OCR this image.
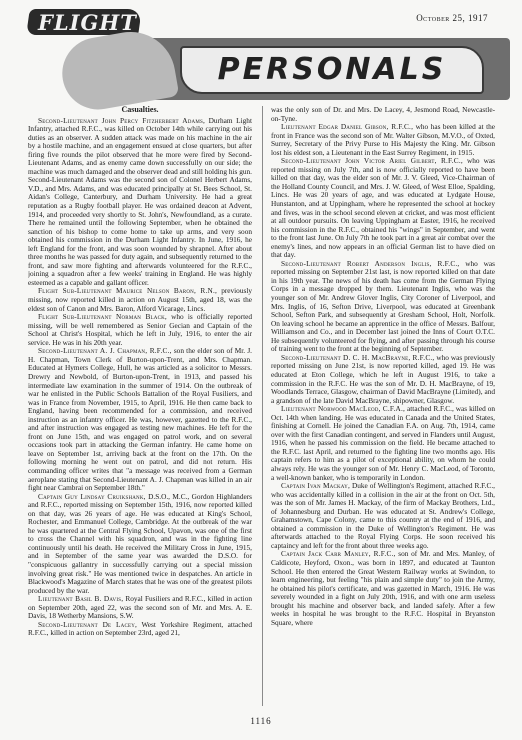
FLIGHT	October 25, 1917
PERSONALS

Casualties.

Second-Lieutenant John Percy Fitzherbert Adams, Durham Light Infantry, attached R.F.C., was killed on October 14th while carrying out his duties as an observer. A sudden attack was made on his machine in the air by a hostile machine, and an engagement ensued at close quarters, but after firing five rounds the pilot observed that he more were fired by Second-Lieutenant Adams, and as enemy came down successfully on our side; the machine was much damaged and the observer dead and still holding his gun. Second-Lieutenant Adams was the second son of Colonel Herbert Adams, V.D., and Mrs. Adams, and was educated principally at St. Bees School, St. Aidan's College, Canterbury, and Durham University. He had a great reputation as a Rugby football player. He was ordained deacon at Advent, 1914, and proceeded very shortly to St. John's, Newfoundland, as a curate. There he remained until the following September, when he obtained the sanction of his bishop to come home to take up arms, and very soon obtained his commission in the Durham Light Infantry. In June, 1916, he left England for the front, and was soon wounded by shrapnel. After about three months he was passed for duty again, and subsequently returned to the front, and saw more fighting and afterwards volunteered for the R.F.C., joining a squadron after a few weeks' training in England. He was highly esteemed as a capable and gallant officer.

Flight Sub-Lieutenant Maurice Nelson Baron, R.N., previously missing, now reported killed in action on August 15th, aged 18, was the eldest son of Canon and Mrs. Baron, Alford Vicarage, Lincs.

Flight Sub-Lieutenant Norman Black, who is officially reported missing, will be well remembered as Senior Gecian and Captain of the School at Christ's Hospital, which he left in July, 1916, to enter the air service. He was in his 20th year.

Second-Lieutenant A. J. Chapman, R.F.C., son the elder son of Mr. J. H. Chapman, Town Clerk of Burton-upon-Trent, and Mrs. Chapman. Educated at Hymers College, Hull, he was articled as a solicitor to Messrs. Drewry and Newbold, of Burton-upon-Trent, in 1913, and passed his intermediate law examination in the summer of 1914. On the outbreak of war he enlisted in the Public Schools Battalion of the Royal Fusiliers, and was in France from November, 1915, to April, 1916. He then came back to England, having been recommended for a commission, and received instruction as an infantry officer. He was, however, gazetted to the R.F.C., and after instruction was engaged as testing new machines. He left for the front on June 15th, and was engaged on patrol work, and on several occasions took part in attacking the German infantry. He came home on leave on September 1st, arriving back at the front on the 17th. On the following morning he went out on patrol, and did not return. His commanding officer writes that "a message was received from a German aeroplane stating that Second-Lieutenant A. J. Chapman was killed in an air fight near Cambrai on September 18th."

Captain Guy Lindsay Cruikshank, D.S.O., M.C., Gordon Highlanders and R.F.C., reported missing on September 15th, 1916, now reported killed on that day, was 26 years of age. He was educated at King's School, Rochester, and Emmanuel College, Cambridge. At the outbreak of the war he was quartered at the Central Flying School, Upavon, was one of the first to cross the Channel with his squadron, and was in the fighting line continuously until his death. He received the Military Cross in June, 1915, and in September of the same year was awarded the D.S.O. for "conspicuous gallantry in successfully carrying out a special mission involving great risk." He was mentioned twice in despatches. An article in Blackwood's Magazine of March states that he was one of the greatest pilots produced by the war.

Lieutenant Basil B. Davis, Royal Fusiliers and R.F.C., killed in action on September 20th, aged 22, was the second son of Mr. and Mrs. A. E. Davis, 18 Wetherby Mansions, S.W.

Second-Lieutenant De Lacey, West Yorkshire Regiment, attached R.F.C., killed in action on September 23rd, aged 21,

was the only son of Dr. and Mrs. De Lacey, 4, Jesmond Road, Newcastle-on-Tyne.

Lieutenant Edgar Daniel Gibson, R.F.C., who has been killed at the front in France was the second son of Mr. Walter Gibson, M.V.O., of Oxted, Surrey, Secretary of the Privy Purse to His Majesty the King. Mr. Gibson lost his eldest son, a Lieutenant in the East Surrey Regiment, in 1915.

Second-Lieutenant John Victor Ariel Gilbert, R.F.C., who was reported missing on July 7th, and is now officially reported to have been killed on that day, was the elder son of Mr. J. V. Gleed, Vice-Chairman of the Holland County Council, and Mrs. J. W. Gleed, of West Elloe, Spalding, Lincs. He was 20 years of age, and was educated at Lydgate House, Hunstanton, and at Uppingham, where he represented the school at hockey and fives, was in the school second eleven at cricket, and was most efficient at all outdoor pursuits. On leaving Uppingham at Easter, 1916, he received his commission in the R.F.C., obtained his "wings" in September, and went to the front last June. On July 7th he took part in a great air combat over the enemy's lines, and now appears in an official German list to have died on that day.

Second-Lieutenant Robert Anderson Inglis, R.F.C., who was reported missing on September 21st last, is now reported killed on that date in his 19th year. The news of his death has come from the German Flying Corps in a message dropped by them. Lieutenant Inglis, who was the younger son of Mr. Andrew Glover Inglis, City Coroner of Liverpool, and Mrs. Inglis, of 16, Sefton Drive, Liverpool, was educated at Greenbank School, Sefton Park, and subsequently at Gresham School, Holt, Norfolk. On leaving school he became an apprentice in the office of Messrs. Balfour, Williamson and Co., and in December last joined the Inns of Court O.T.C. He subsequently volunteered for flying, and after passing through his course of training went to the front at the beginning of September.

Second-Lieutenant D. C. H. MacBrayne, R.F.C., who was previously reported missing on June 21st, is now reported killed, aged 19. He was educated at Eton College, which he left in August 1916, to take a commission in the R.F.C. He was the son of Mr. D. H. MacBrayne, of 19, Woodlands Terrace, Glasgow, chairman of David MacBrayne (Limited), and a grandson of the late David MacBrayne, shipowner, Glasgow.

Lieutenant Norwood MacLeod, C.F.A., attached R.F.C., was killed on Oct. 14th when landing. He was educated in Canada and the United States, finishing at Cornell. He joined the Canadian F.A. on Aug. 7th, 1914, came over with the first Canadian contingent, and served in Flanders until August, 1916, when he passed his commission on the field. He became attached to the R.F.C. last April, and returned to the fighting line two months ago. His captain refers to him as a pilot of exceptional ability, on whom he could always rely. He was the younger son of Mr. Henry C. MacLeod, of Toronto, a well-known banker, who is temporarily in London.

Captain Ivan Mackay, Duke of Wellington's Regiment, attached R.F.C., who was accidentally killed in a collision in the air at the front on Oct. 5th, was the son of Mr. James H. Mackay, of the firm of Mackay Brothers, Ltd., of Johannesburg and Durban. He was educated at St. Andrew's College, Grahamstown, Cape Colony, came to this country at the end of 1916, and obtained a commission in the Duke of Wellington's Regiment. He was afterwards attached to the Royal Flying Corps. He soon received his captaincy and left for the front about three weeks ago.

Captain Jack Carr Manley, R.F.C., son of Mr. and Mrs. Manley, of Caldicote, Heyford, Oxon., was born in 1897, and educated at Taunton School. He then entered the Great Western Railway works at Swindon, to learn engineering, but feeling "his plain and simple duty" to join the Army, he obtained his pilot's certificate, and was gazetted in March, 1916. He was severely wounded in a fight on July 20th, 1916, and with one arm useless brought his machine and observer back, and landed safely. After a few weeks in hospital he was brought to the R.F.C. Hospital in Bryanston Square, where

1116
